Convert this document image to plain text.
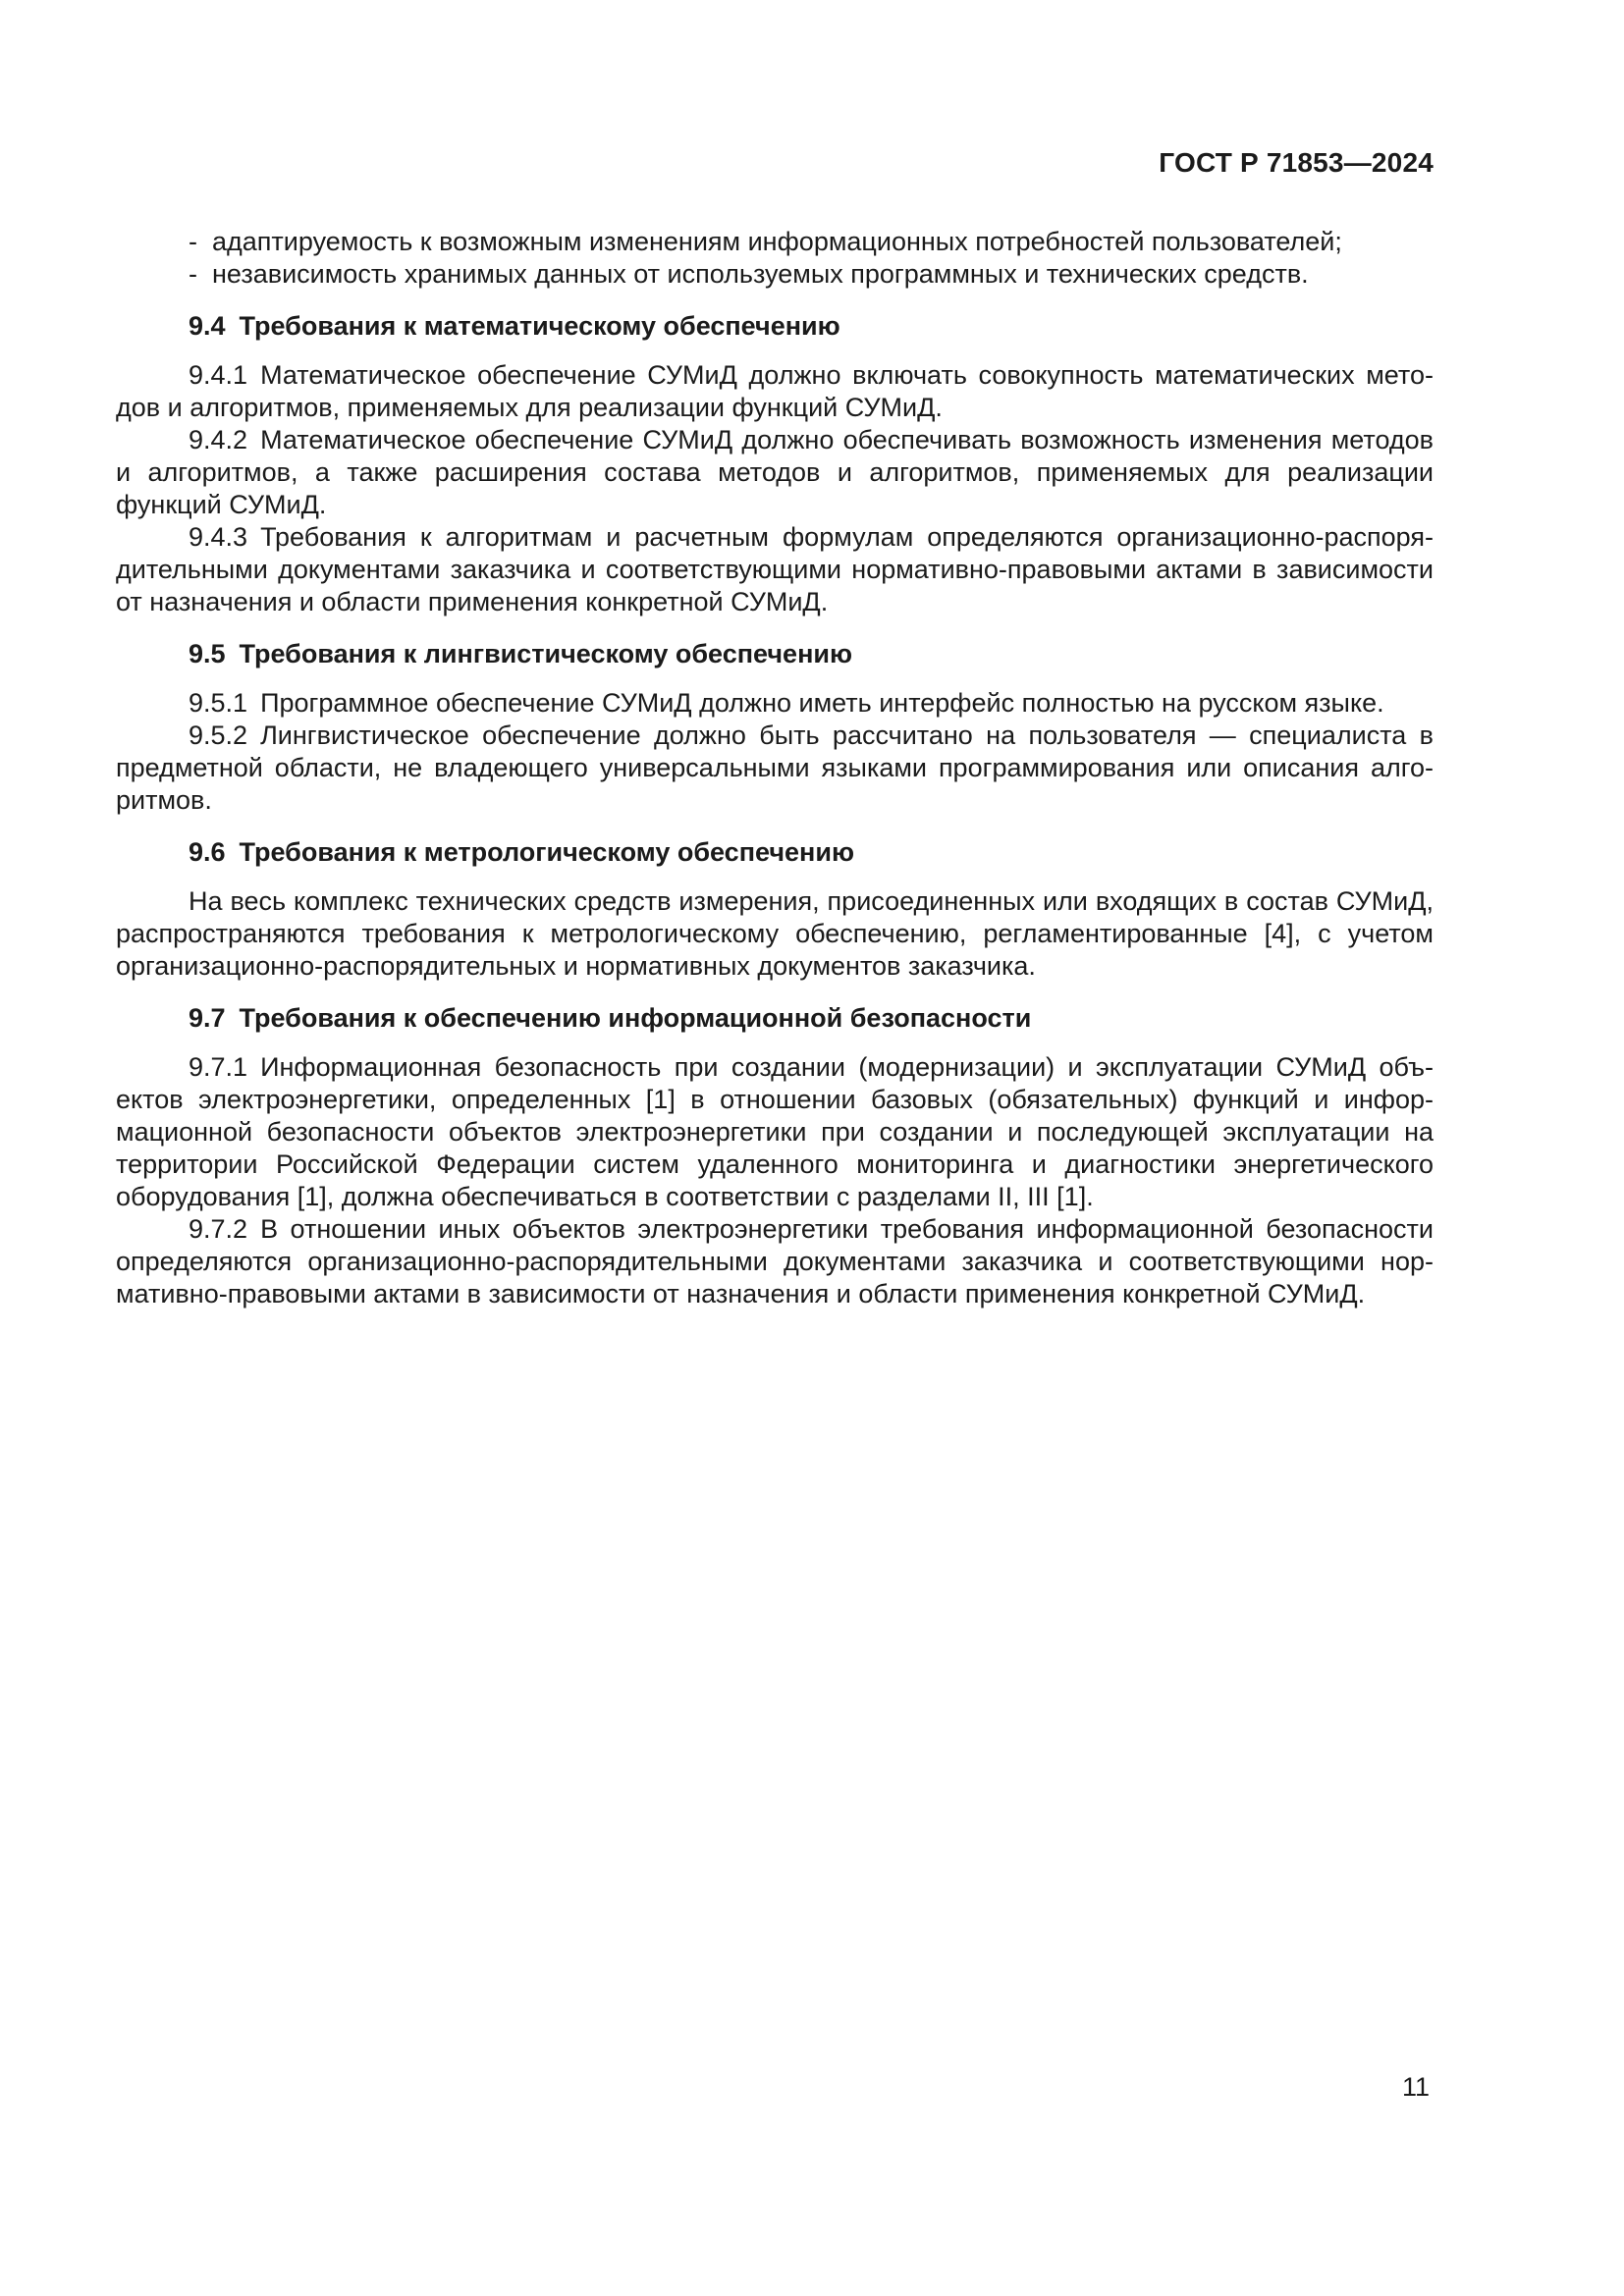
ГОСТ Р 71853—2024

- адаптируемость к возможным изменениям информационных потребностей пользователей;

- независимость хранимых данных от используемых программных и технических средств.

9.4 Требования к математическому обеспечению

9.4.1 Математическое обеспечение СУМиД должно включать совокупность математических методов и алгоритмов, применяемых для реализации функций СУМиД.

9.4.2 Математическое обеспечение СУМиД должно обеспечивать возможность изменения методов и алгоритмов, а также расширения состава методов и алгоритмов, применяемых для реализации функций СУМиД.

9.4.3 Требования к алгоритмам и расчетным формулам определяются организационно-распорядительными документами заказчика и соответствующими нормативно-правовыми актами в зависимости от назначения и области применения конкретной СУМиД.

9.5 Требования к лингвистическому обеспечению

9.5.1 Программное обеспечение СУМиД должно иметь интерфейс полностью на русском языке.

9.5.2 Лингвистическое обеспечение должно быть рассчитано на пользователя — специалиста в предметной области, не владеющего универсальными языками программирования или описания алгоритмов.

9.6 Требования к метрологическому обеспечению

На весь комплекс технических средств измерения, присоединенных или входящих в состав СУМиД, распространяются требования к метрологическому обеспечению, регламентированные [4], с учетом организационно-распорядительных и нормативных документов заказчика.

9.7 Требования к обеспечению информационной безопасности

9.7.1 Информационная безопасность при создании (модернизации) и эксплуатации СУМиД объектов электроэнергетики, определенных [1] в отношении базовых (обязательных) функций и информационной безопасности объектов электроэнергетики при создании и последующей эксплуатации на территории Российской Федерации систем удаленного мониторинга и диагностики энергетического оборудования [1], должна обеспечиваться в соответствии с разделами II, III [1].

9.7.2 В отношении иных объектов электроэнергетики требования информационной безопасности определяются организационно-распорядительными документами заказчика и соответствующими нормативно-правовыми актами в зависимости от назначения и области применения конкретной СУМиД.

11
